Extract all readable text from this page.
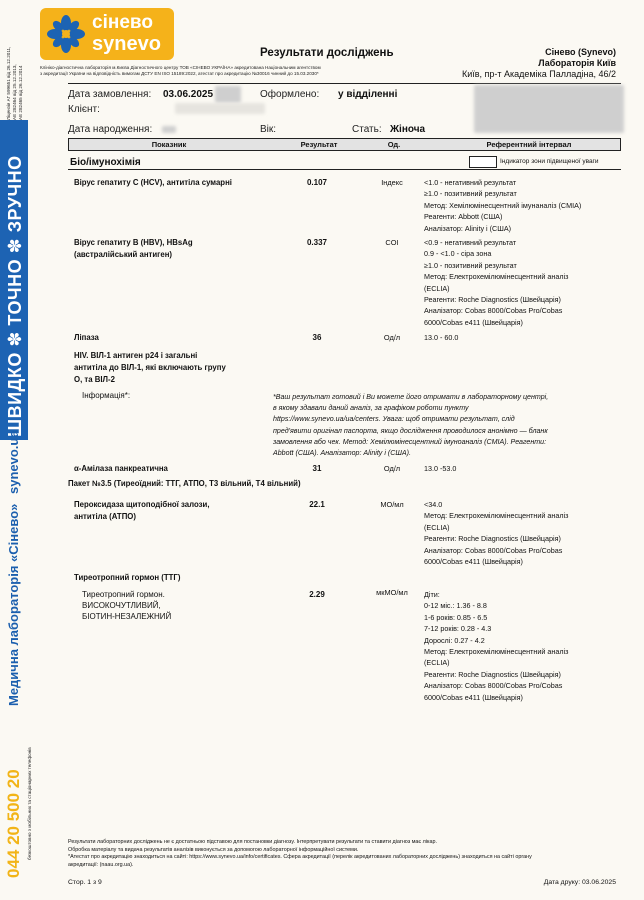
Ліцензія АГ 599651 від 26.12.2011, АЕ 282464 від 25.12.2013, АЕ 282465 від 26.12.2014
ШВИДКО ✽ ТОЧНО ✽ ЗРУЧНО
synevo.ua
Медична лабораторія «Сінево»
безкоштовно з мобільних та стаціонарних телефонів
044 20 500 20
сінево
synevo
Клініко-діагностична лабораторія м.Києва Діагностичного центру ТОВ «СІНЕВО УКРАЇНА» акредитована Національним агентством
з акредитації України на відповідність вимогам ДСТУ EN ISO 15189:2022, атестат про акредитацію №30016 чинний до 15.03.2030*
Результати досліджень	Сінево (Synevo)
Лабораторія Київ
Київ, пр-т Академіка Палладіна, 46/2
Дата замовлення: 03.06.2025	Оформлено: у відділенні
Клієнт:
Дата народження:	Вік:	Стать: Жіноча
Показник	Результат	Од.	Референтний інтервал
Біо/імунохімія	Індикатор зони підвищеної уваги
Вірус гепатиту С (HCV), антитіла сумарні	0.107	Індекс	<1.0 - негативний результат
≥1.0 - позитивний результат
Метод: Хемілюмінесцентний імунаналіз (CMIA)
Реагенти: Abbott (США)
Аналізатор: Alinity i (США)
Вірус гепатиту В (HBV), HBsAg
(австралійський антиген)
0.337	COI	<0.9 - негативний результат
0.9 - <1.0 - сіра зона
≥1.0 - позитивний результат
Метод: Електрохемілюмінесцентний аналіз
(ECLIA)
Реагенти: Roche Diagnostics (Швейцарія)
Аналізатор: Cobas 8000/Cobas Pro/Cobas
6000/Cobas e411 (Швейцарія)
Ліпаза	36	Од/л	13.0 - 60.0
HIV. ВІЛ-1 антиген p24 і загальні
антитіла до ВІЛ-1, які включають групу
О, та ВІЛ-2
Інформація*:	*Ваш результат готовий і Ви можете його отримати в лабораторному центрі,
в якому здавали даний аналіз, за графіком роботи пункту
https://www.synevo.ua/ua/centers. Увага: щоб отримати результат, слід
пред'явити оригінал паспорта, якщо дослідження проводилося анонімно — бланк
замовлення або чек. Метод: Хемілюмінесцентний імунoаналіз (CMIA). Реагенти:
Abbott (США). Аналізатор: Alinity i (США).
α-Амілаза панкреатична	31	Од/л	13.0 -53.0
Пакет №3.5 (Тиреоїдний: ТТГ, АТПО, Т3 вільний, Т4 вільний)
Пероксидаза щитоподібної залози,
антитіла (АТПО)
22.1	МО/мл	<34.0
Метод: Електрохемілюмінесцентний аналіз
(ECLIA)
Реагенти: Roche Diagnostics (Швейцарія)
Аналізатор: Cobas 8000/Cobas Pro/Cobas
6000/Cobas e411 (Швейцарія)
Тиреотропний гормон (ТТГ)
Тиреотропний гормон.
ВИСОКОЧУТЛИВИЙ,
БІОТИН-НЕЗАЛЕЖНИЙ
2.29	мкМО/мл	Діти:
0-12 міс.: 1.36 - 8.8
1-6 років: 0.85 - 6.5
7-12 років: 0.28 - 4.3
Дорослі: 0.27 - 4.2
Метод: Електрохемілюмінесцентний аналіз
(ECLIA)
Реагенти: Roche Diagnostics (Швейцарія)
Аналізатор: Cobas 8000/Cobas Pro/Cobas
6000/Cobas e411 (Швейцарія)
Результати лабораторних досліджень не є достатньою підставою для постановки діагнозу. Інтерпретувати результати та ставити діагноз має лікар.
Обробка матеріалу та видача результатів аналізів виконується за допомогою лабораторної інформаційної системи.
*Атестат про акредитацію знаходиться на сайті: https://www.synevo.ua/info/certificates. Сфера акредитації (перелік акредитованих лабораторних досліджень) знаходиться на сайті органу
акредитації: (naau.org.ua).
Стор. 1 з 9	Дата друку: 03.06.2025
